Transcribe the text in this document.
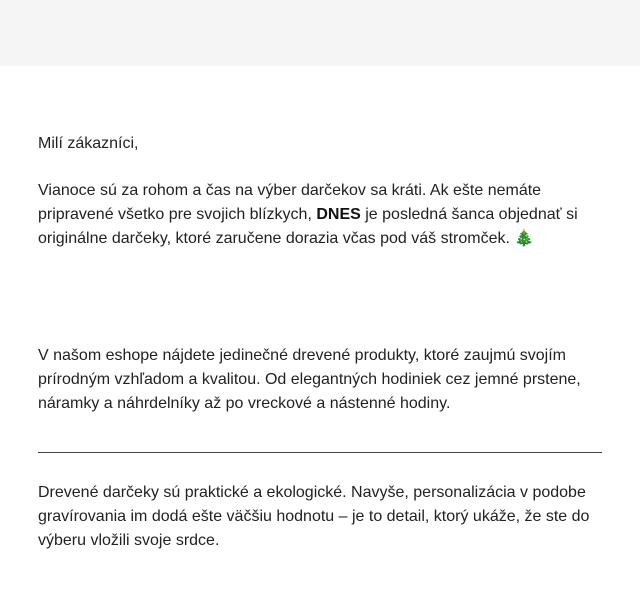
Milí zákazníci,

Vianoce sú za rohom a čas na výber darčekov sa kráti. Ak ešte nemáte pripravené všetko pre svojich blízkych, DNES je posledná šanca objednať si originálne darčeky, ktoré zaručene dorazia včas pod váš stromček. 🎄

V našom eshope nájdete jedinečné drevené produkty, ktoré zaujmú svojím prírodným vzhľadom a kvalitou. Od elegantných hodiniek cez jemné prstene, náramky a náhrdelníky až po vreckové a nástenné hodiny.

Drevené darčeky sú praktické a ekologické. Navyše, personalizácia v podobe gravírovania im dodá ešte väčšiu hodnotu – je to detail, ktorý ukáže, že ste do výberu vložili svoje srdce.
